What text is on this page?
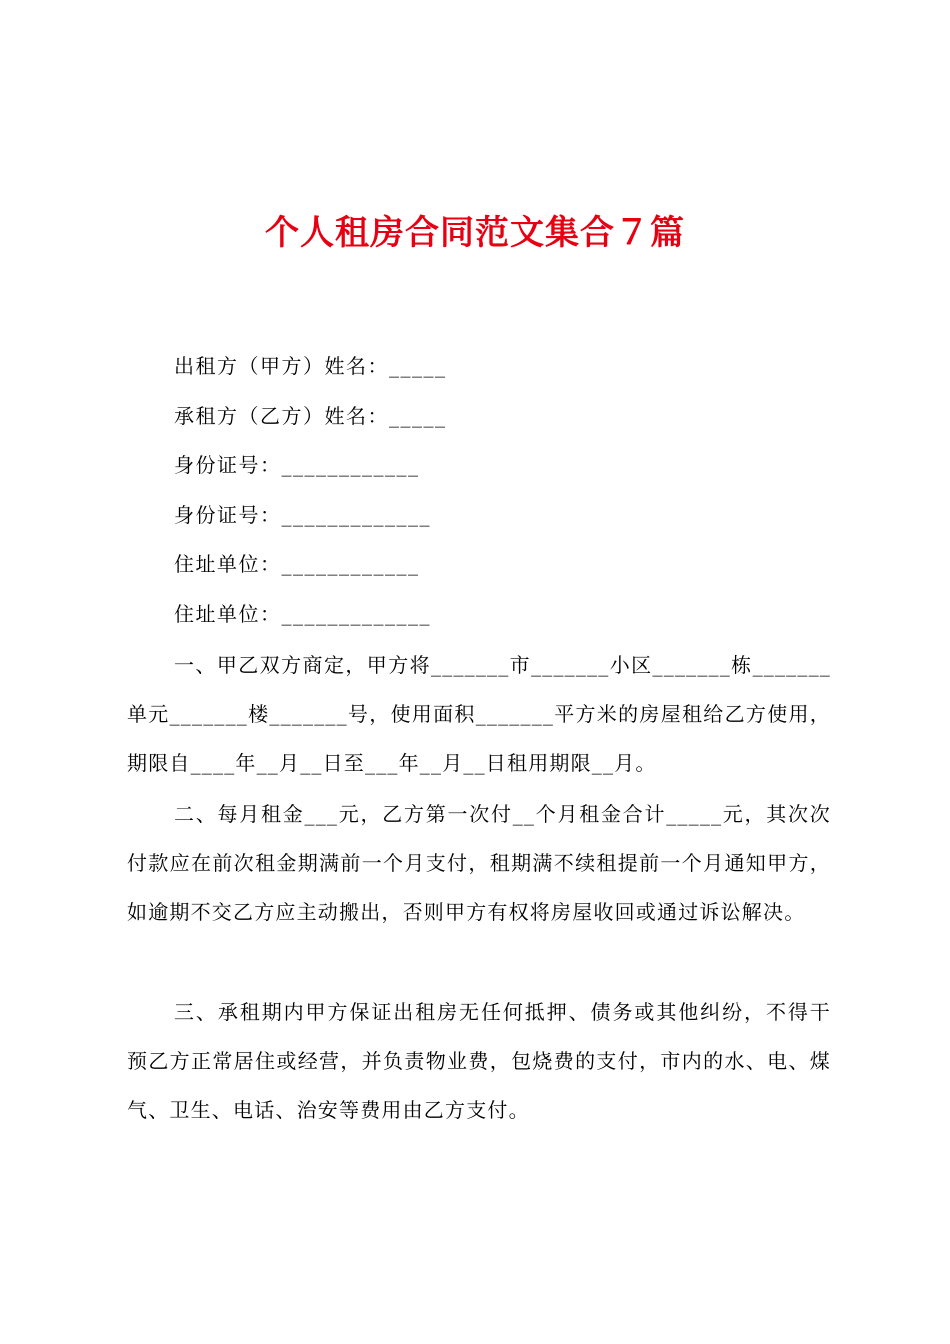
个人租房合同范文集合７篇

出租方（甲方）姓名：_____

承租方（乙方）姓名：_____

身份证号：____________

身份证号：_____________

住址单位：____________

住址单位：_____________

一、甲乙双方商定，甲方将_______市_______小区_______栋_______单元_______楼_______号，使用面积_______平方米的房屋租给乙方使用，期限自____年__月__日至___年__月__日租用期限__月。

二、每月租金___元，乙方第一次付__个月租金合计_____元，其次次付款应在前次租金期满前一个月支付，租期满不续租提前一个月通知甲方，如逾期不交乙方应主动搬出，否则甲方有权将房屋收回或通过诉讼解决。

三、承租期内甲方保证出租房无任何抵押、债务或其他纠纷，不得干预乙方正常居住或经营，并负责物业费，包烧费的支付，市内的水、电、煤气、卫生、电话、治安等费用由乙方支付。
